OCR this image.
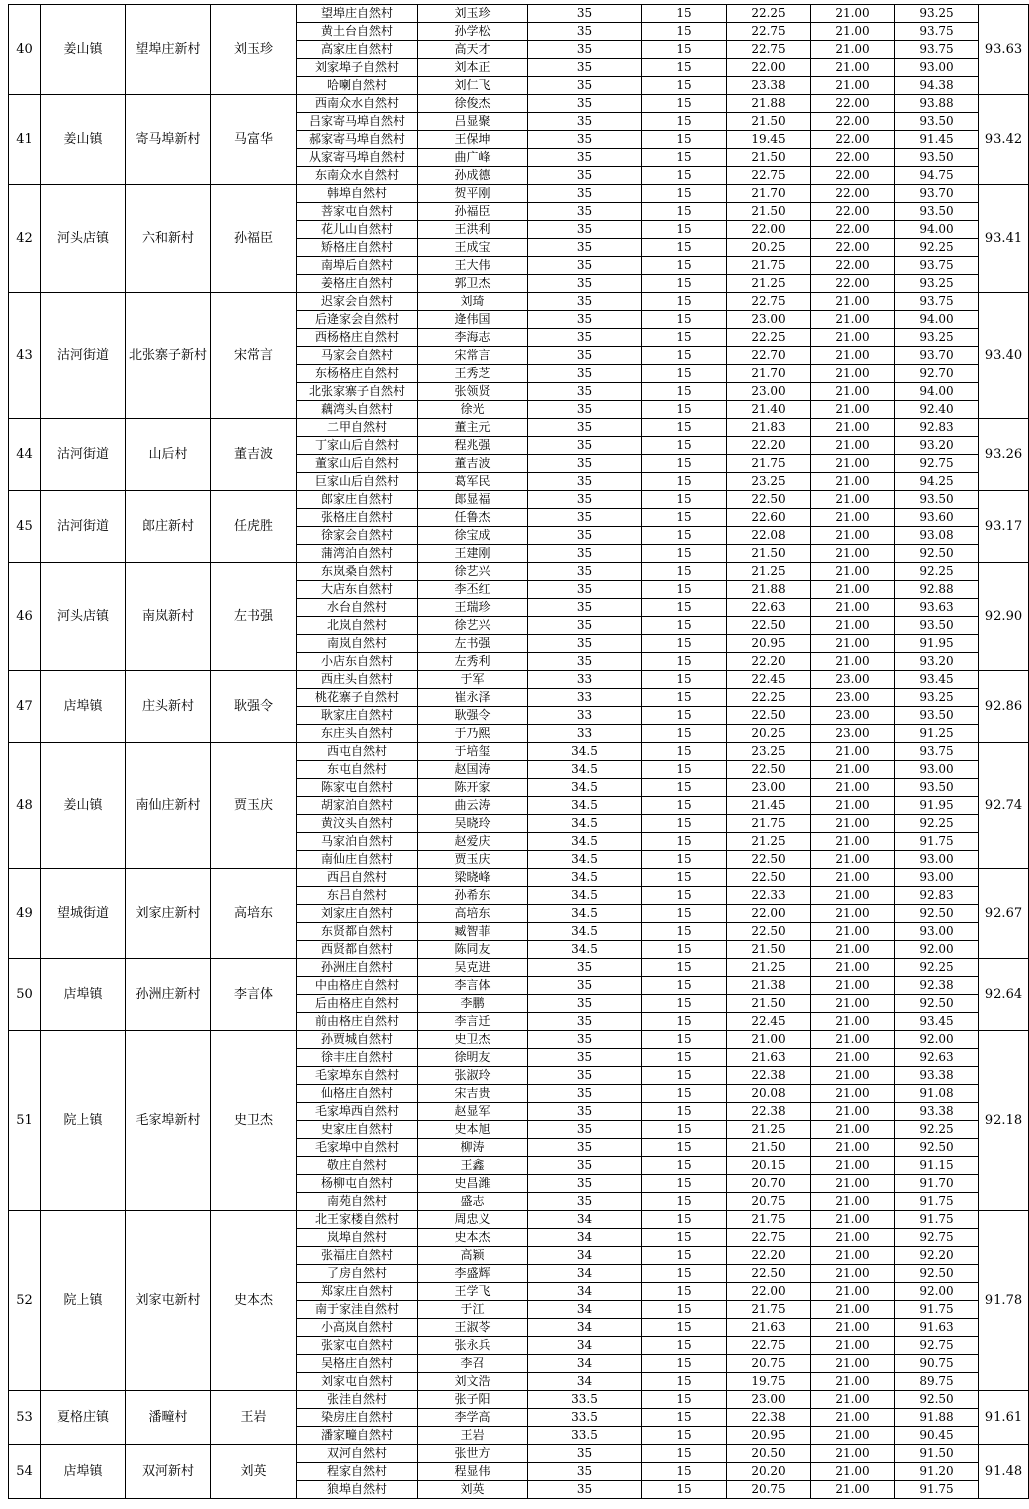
40	姜山镇	望埠庄新村	刘玉珍	望埠庄自然村	刘玉珍	35	15	22.25	21.00	93.25	93.63
				黄土台自然村	孙学松	35	15	22.75	21.00	93.75	
				高家庄自然村	高天才	35	15	22.75	21.00	93.75	
				刘家埠子自然村	刘本正	35	15	22.00	21.00	93.00	
				哈喇自然村	刘仁飞	35	15	23.38	21.00	94.38	
41	姜山镇	寄马埠新村	马富华	西南众水自然村	徐俊杰	35	15	21.88	22.00	93.88	93.42
				吕家寄马埠自然村	吕显聚	35	15	21.50	22.00	93.50	
				郝家寄马埠自然村	王保坤	35	15	19.45	22.00	91.45	
				从家寄马埠自然村	曲广峰	35	15	21.50	22.00	93.50	
				东南众水自然村	孙成德	35	15	22.75	22.00	94.75	
42	河头店镇	六和新村	孙福臣	韩埠自然村	贺平刚	35	15	21.70	22.00	93.70	93.41
				菩家屯自然村	孙福臣	35	15	21.50	22.00	93.50	
				花儿山自然村	王洪利	35	15	22.00	22.00	94.00	
				矫格庄自然村	王成宝	35	15	20.25	22.00	92.25	
				南埠后自然村	王大伟	35	15	21.75	22.00	93.75	
				姜格庄自然村	郭卫杰	35	15	21.25	22.00	93.25	
43	沽河街道	北张寨子新村	宋常言	迟家会自然村	刘琦	35	15	22.75	21.00	93.75	93.40
				后逄家会自然村	逄伟国	35	15	23.00	21.00	94.00	
				西杨格庄自然村	李海志	35	15	22.25	21.00	93.25	
				马家会自然村	宋常言	35	15	22.70	21.00	93.70	
				东杨格庄自然村	王秀芝	35	15	21.70	21.00	92.70	
				北张家寨子自然村	张领贤	35	15	23.00	21.00	94.00	
				藕湾头自然村	徐光	35	15	21.40	21.00	92.40	
44	沽河街道	山后村	董吉波	二甲自然村	董主元	35	15	21.83	21.00	92.83	93.26
				丁家山后自然村	程兆强	35	15	22.20	21.00	93.20	
				董家山后自然村	董吉波	35	15	21.75	21.00	92.75	
				巨家山后自然村	葛军民	35	15	23.25	21.00	94.25	
45	沽河街道	郎庄新村	任虎胜	郎家庄自然村	郎显福	35	15	22.50	21.00	93.50	93.17
				张格庄自然村	任鲁杰	35	15	22.60	21.00	93.60	
				徐家会自然村	徐宝成	35	15	22.08	21.00	93.08	
				蒲湾泊自然村	王建刚	35	15	21.50	21.00	92.50	
46	河头店镇	南岚新村	左书强	东岚桑自然村	徐艺兴	35	15	21.25	21.00	92.25	92.90
				大店东自然村	李丕红	35	15	21.88	21.00	92.88	
				水台自然村	王瑞珍	35	15	22.63	21.00	93.63	
				北岚自然村	徐艺兴	35	15	22.50	21.00	93.50	
				南岚自然村	左书强	35	15	20.95	21.00	91.95	
				小店东自然村	左秀利	35	15	22.20	21.00	93.20	
47	店埠镇	庄头新村	耿强令	西庄头自然村	于军	33	15	22.45	23.00	93.45	92.86
				桃花寨子自然村	崔永泽	33	15	22.25	23.00	93.25	
				耿家庄自然村	耿强令	33	15	22.50	23.00	93.50	
				东庄头自然村	于乃熙	33	15	20.25	23.00	91.25	
48	姜山镇	南仙庄新村	贾玉庆	西屯自然村	于培玺	34.5	15	23.25	21.00	93.75	92.74
				东屯自然村	赵国涛	34.5	15	22.50	21.00	93.00	
				陈家屯自然村	陈开家	34.5	15	23.00	21.00	93.50	
				胡家泊自然村	曲云涛	34.5	15	21.45	21.00	91.95	
				黄汶头自然村	吴晓玲	34.5	15	21.75	21.00	92.25	
				马家泊自然村	赵爱庆	34.5	15	21.25	21.00	91.75	
				南仙庄自然村	贾玉庆	34.5	15	22.50	21.00	93.00	
49	望城街道	刘家庄新村	高培东	西吕自然村	梁晓峰	34.5	15	22.50	21.00	93.00	92.67
				东吕自然村	孙希东	34.5	15	22.33	21.00	92.83	
				刘家庄自然村	高培东	34.5	15	22.00	21.00	92.50	
				东贤都自然村	臧智菲	34.5	15	22.50	21.00	93.00	
				西贤都自然村	陈同友	34.5	15	21.50	21.00	92.00	
50	店埠镇	孙洲庄新村	李言体	孙洲庄自然村	吴克进	35	15	21.25	21.00	92.25	92.64
				中由格庄自然村	李言体	35	15	21.38	21.00	92.38	
				后由格庄自然村	李鹏	35	15	21.50	21.00	92.50	
				前由格庄自然村	李言迁	35	15	22.45	21.00	93.45	
51	院上镇	毛家埠新村	史卫杰	孙贾城自然村	史卫杰	35	15	21.00	21.00	92.00	92.18
				徐丰庄自然村	徐明友	35	15	21.63	21.00	92.63	
				毛家埠东自然村	张淑玲	35	15	22.38	21.00	93.38	
				仙格庄自然村	宋吉贵	35	15	20.08	21.00	91.08	
				毛家埠西自然村	赵显军	35	15	22.38	21.00	93.38	
				史家庄自然村	史本旭	35	15	21.25	21.00	92.25	
				毛家埠中自然村	柳涛	35	15	21.50	21.00	92.50	
				敬庄自然村	王鑫	35	15	20.15	21.00	91.15	
				杨柳屯自然村	史昌潍	35	15	20.70	21.00	91.70	
				南苑自然村	盛志	35	15	20.75	21.00	91.75	
52	院上镇	刘家屯新村	史本杰	北王家楼自然村	周忠义	34	15	21.75	21.00	91.75	91.78
				岚埠自然村	史本杰	34	15	22.75	21.00	92.75	
				张福庄自然村	高颖	34	15	22.20	21.00	92.20	
				了房自然村	李盛辉	34	15	22.50	21.00	92.50	
				郑家庄自然村	王学飞	34	15	22.00	21.00	92.00	
				南于家洼自然村	于江	34	15	21.75	21.00	91.75	
				小高岚自然村	王淑苓	34	15	21.63	21.00	91.63	
				张家屯自然村	张永兵	34	15	22.75	21.00	92.75	
				吴格庄自然村	李召	34	15	20.75	21.00	90.75	
				刘家屯自然村	刘文浩	34	15	19.75	21.00	89.75	
53	夏格庄镇	潘疃村	王岩	张洼自然村	张子阳	33.5	15	23.00	21.00	92.50	91.61
				染房庄自然村	李学高	33.5	15	22.38	21.00	91.88	
				潘家疃自然村	王岩	33.5	15	20.95	21.00	90.45	
54	店埠镇	双河新村	刘英	双河自然村	张世方	35	15	20.50	21.00	91.50	91.48
				程家自然村	程显伟	35	15	20.20	21.00	91.20	
				狼埠自然村	刘英	35	15	20.75	21.00	91.75	
